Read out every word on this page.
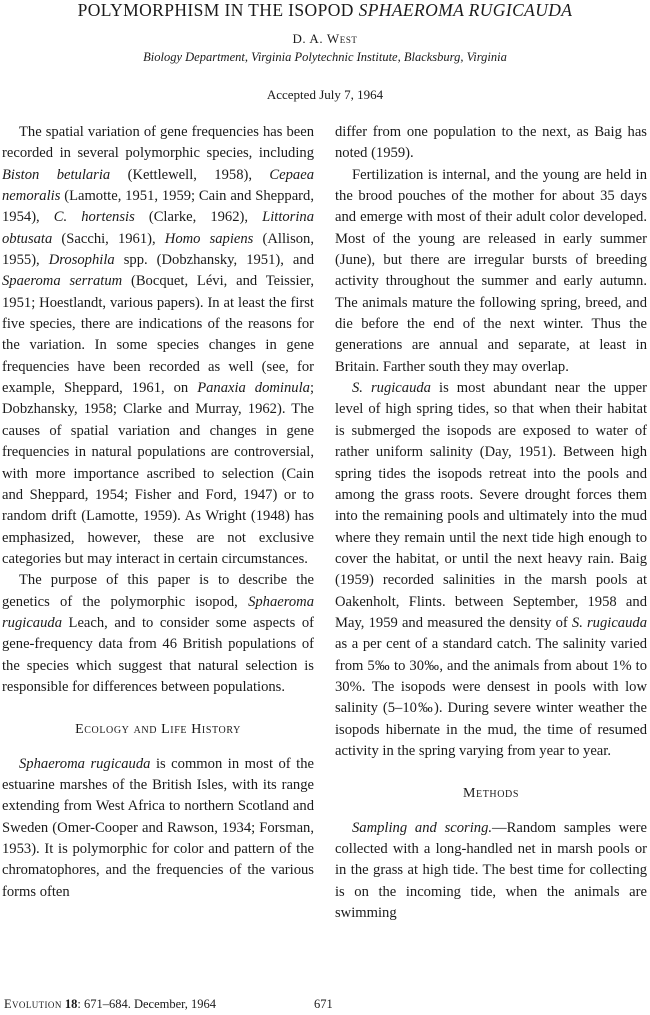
POLYMORPHISM IN THE ISOPOD SPHAEROMA RUGICAUDA
D. A. West
Biology Department, Virginia Polytechnic Institute, Blacksburg, Virginia
Accepted July 7, 1964

The spatial variation of gene frequencies has been recorded in several polymorphic species, including Biston betularia (Kettlewell, 1958), Cepaea nemoralis (Lamotte, 1951, 1959; Cain and Sheppard, 1954), C. hortensis (Clarke, 1962), Littorina obtusata (Sacchi, 1961), Homo sapiens (Allison, 1955), Drosophila spp. (Dobzhansky, 1951), and Spaeroma serratum (Bocquet, Lévi, and Teissier, 1951; Hoestlandt, various papers). In at least the first five species, there are indications of the reasons for the variation. In some species changes in gene frequencies have been recorded as well (see, for example, Sheppard, 1961, on Panaxia dominula; Dobzhansky, 1958; Clarke and Murray, 1962). The causes of spatial variation and changes in gene frequencies in natural populations are controversial, with more importance ascribed to selection (Cain and Sheppard, 1954; Fisher and Ford, 1947) or to random drift (Lamotte, 1959). As Wright (1948) has emphasized, however, these are not exclusive categories but may interact in certain circumstances.

The purpose of this paper is to describe the genetics of the polymorphic isopod, Sphaeroma rugicauda Leach, and to consider some aspects of gene-frequency data from 46 British populations of the species which suggest that natural selection is responsible for differences between populations.

Ecology and Life History

Sphaeroma rugicauda is common in most of the estuarine marshes of the British Isles, with its range extending from West Africa to northern Scotland and Sweden (Omer-Cooper and Rawson, 1934; Forsman, 1953). It is polymorphic for color and pattern of the chromatophores, and the frequencies of the various forms often

differ from one population to the next, as Baig has noted (1959).

Fertilization is internal, and the young are held in the brood pouches of the mother for about 35 days and emerge with most of their adult color developed. Most of the young are released in early summer (June), but there are irregular bursts of breeding activity throughout the summer and early autumn. The animals mature the following spring, breed, and die before the end of the next winter. Thus the generations are annual and separate, at least in Britain. Farther south they may overlap.

S. rugicauda is most abundant near the upper level of high spring tides, so that when their habitat is submerged the isopods are exposed to water of rather uniform salinity (Day, 1951). Between high spring tides the isopods retreat into the pools and among the grass roots. Severe drought forces them into the remaining pools and ultimately into the mud where they remain until the next tide high enough to cover the habitat, or until the next heavy rain. Baig (1959) recorded salinities in the marsh pools at Oakenholt, Flints. between September, 1958 and May, 1959 and measured the density of S. rugicauda as a per cent of a standard catch. The salinity varied from 5‰ to 30‰, and the animals from about 1% to 30%. The isopods were densest in pools with low salinity (5–10‰). During severe winter weather the isopods hibernate in the mud, the time of resumed activity in the spring varying from year to year.

Methods

Sampling and scoring.—Random samples were collected with a long-handled net in marsh pools or in the grass at high tide. The best time for collecting is on the incoming tide, when the animals are swimming

Evolution 18: 671–684. December, 1964	671
